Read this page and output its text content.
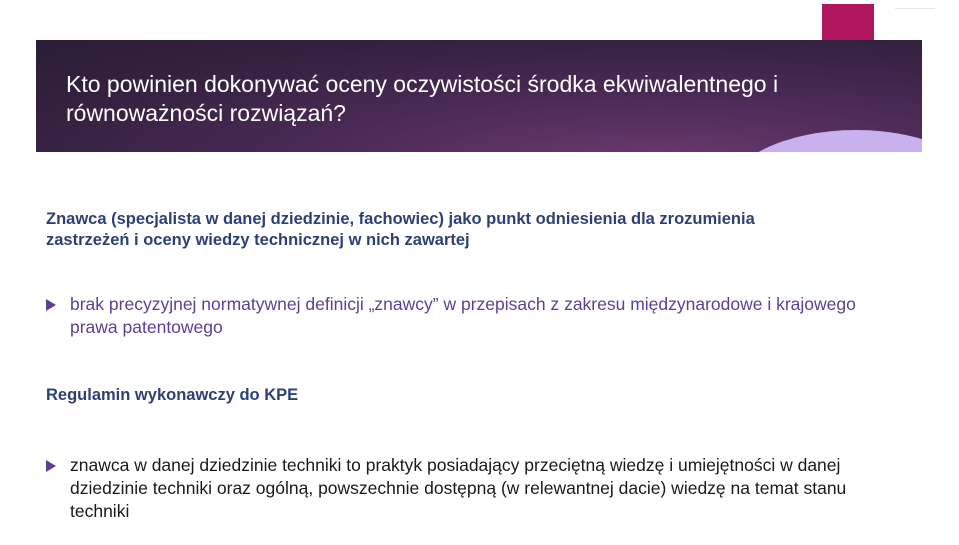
Kto powinien dokonywać oceny oczywistości środka ekwiwalentnego i równoważności rozwiązań?

Znawca (specjalista w danej dziedzinie, fachowiec) jako punkt odniesienia dla zrozumienia zastrzeżeń i oceny wiedzy technicznej w nich zawartej

brak precyzyjnej normatywnej definicji „znawcy” w przepisach z zakresu międzynarodowe i krajowego prawa patentowego

Regulamin wykonawczy do KPE

znawca w danej dziedzinie techniki to praktyk posiadający przeciętną wiedzę i umiejętności w danej dziedzinie techniki oraz ogólną, powszechnie dostępną (w relewantnej dacie) wiedzę na temat stanu techniki
